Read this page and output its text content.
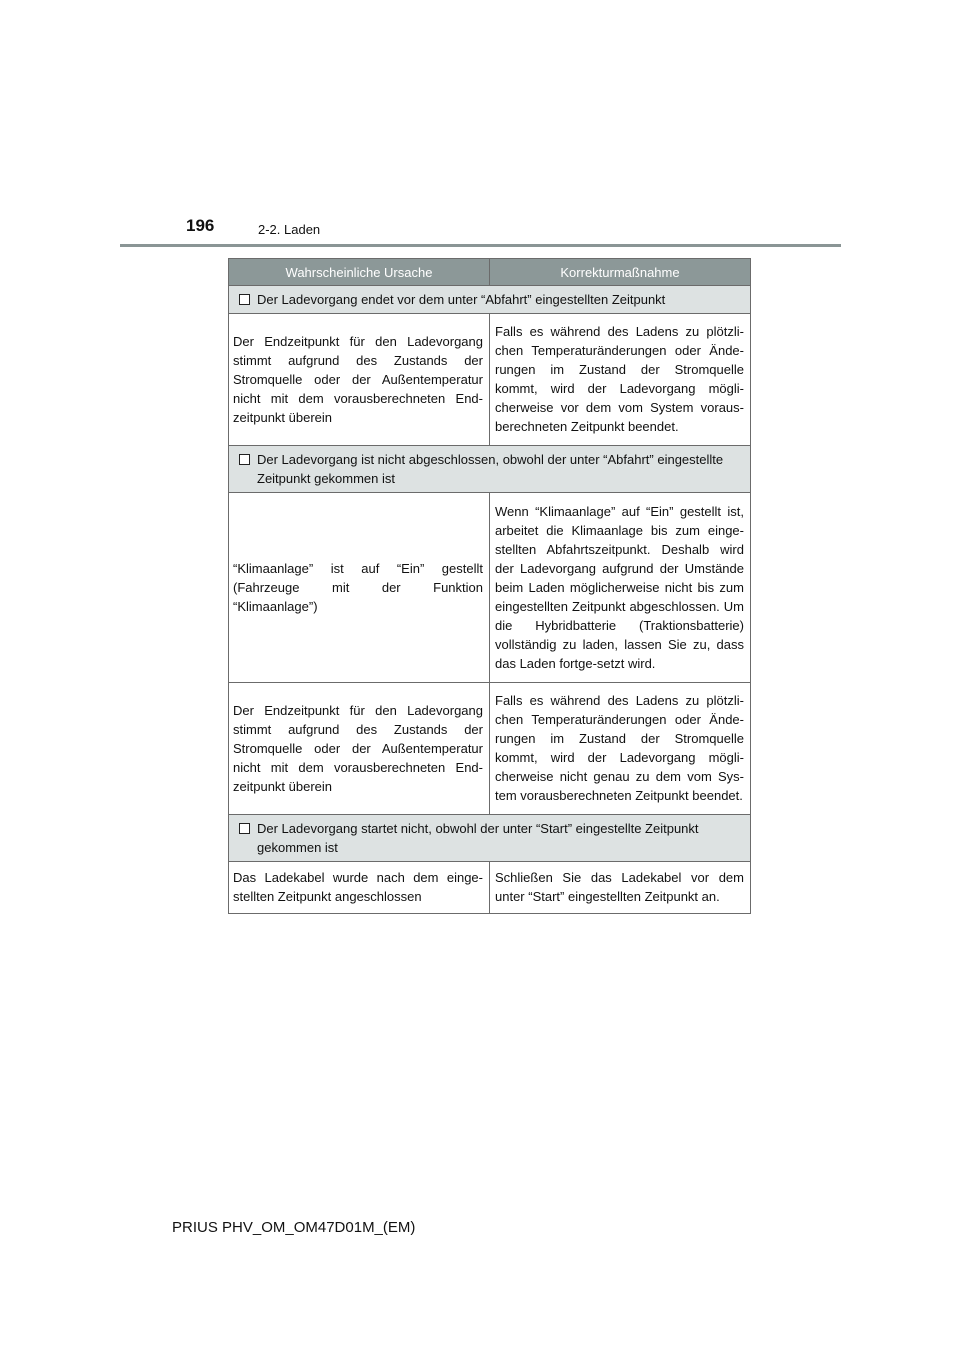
196	2-2. Laden
Wahrscheinliche Ursache	Korrekturmaßnahme

Der Ladevorgang endet vor dem unter “Abfahrt” eingestellten Zeitpunkt	

Der Endzeitpunkt für den Ladevorgang stimmt aufgrund des Zustands der Stromquelle oder der Außentemperatur nicht mit dem vorausberechneten End-zeitpunkt überein	Falls es während des Ladens zu plötzli-chen Temperaturänderungen oder Ände-rungen im Zustand der Stromquelle kommt, wird der Ladevorgang mögli-cherweise vor dem vom System voraus-berechneten Zeitpunkt beendet.

Der Ladevorgang ist nicht abgeschlossen, obwohl der unter “Abfahrt” eingestellte Zeitpunkt gekommen ist	

“Klimaanlage” ist auf “Ein” gestellt (Fahrzeuge mit der Funktion “Klimaanlage”)	Wenn “Klimaanlage” auf “Ein” gestellt ist, arbeitet die Klimaanlage bis zum einge-stellten Abfahrtszeitpunkt. Deshalb wird der Ladevorgang aufgrund der Umstände beim Laden möglicherweise nicht bis zum eingestellten Zeitpunkt abgeschlossen. Um die Hybridbatterie (Traktionsbatterie) vollständig zu laden, lassen Sie zu, dass das Laden fortge-setzt wird.
Der Endzeitpunkt für den Ladevorgang stimmt aufgrund des Zustands der Stromquelle oder der Außentemperatur nicht mit dem vorausberechneten End-zeitpunkt überein	Falls es während des Ladens zu plötzli-chen Temperaturänderungen oder Ände-rungen im Zustand der Stromquelle kommt, wird der Ladevorgang mögli-cherweise nicht genau zu dem vom Sys-tem vorausberechneten Zeitpunkt beendet.

Der Ladevorgang startet nicht, obwohl der unter “Start” eingestellte Zeitpunkt gekommen ist	

Das Ladekabel wurde nach dem einge-stellten Zeitpunkt angeschlossen	Schließen Sie das Ladekabel vor dem unter “Start” eingestellten Zeitpunkt an.
PRIUS PHV_OM_OM47D01M_(EM)
